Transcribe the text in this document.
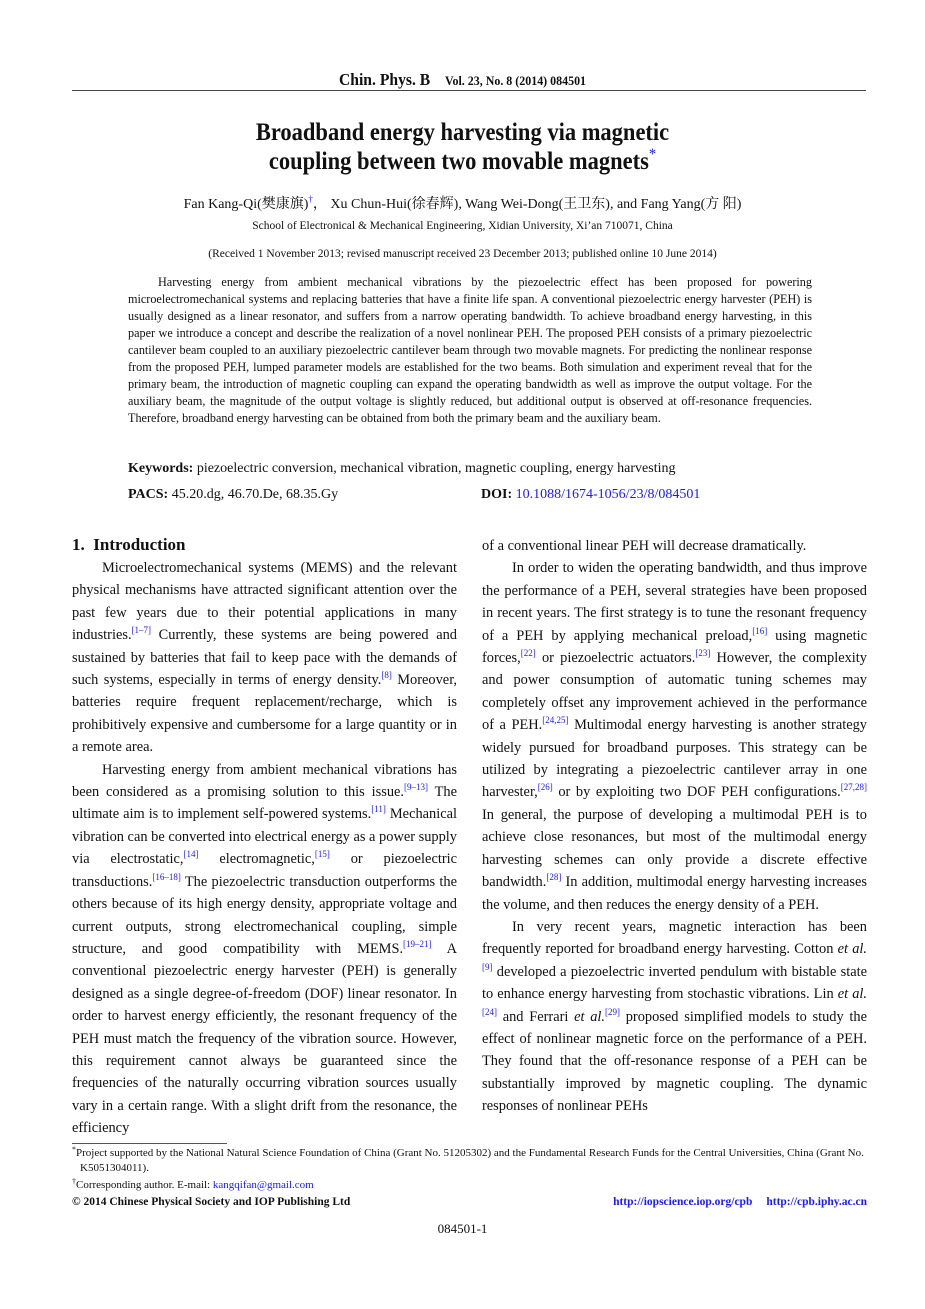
Chin. Phys. B Vol. 23, No. 8 (2014) 084501
Broadband energy harvesting via magnetic
coupling between two movable magnets*
Fan Kang-Qi(樊康旗)†， Xu Chun-Hui(徐春辉), Wang Wei-Dong(王卫东), and Fang Yang(方 阳)
School of Electronical & Mechanical Engineering, Xidian University, Xi’an 710071, China
(Received 1 November 2013; revised manuscript received 23 December 2013; published online 10 June 2014)
Harvesting energy from ambient mechanical vibrations by the piezoelectric effect has been proposed for powering microelectromechanical systems and replacing batteries that have a finite life span. A conventional piezoelectric energy harvester (PEH) is usually designed as a linear resonator, and suffers from a narrow operating bandwidth. To achieve broadband energy harvesting, in this paper we introduce a concept and describe the realization of a novel nonlinear PEH. The proposed PEH consists of a primary piezoelectric cantilever beam coupled to an auxiliary piezoelectric cantilever beam through two movable magnets. For predicting the nonlinear response from the proposed PEH, lumped parameter models are established for the two beams. Both simulation and experiment reveal that for the primary beam, the introduction of magnetic coupling can expand the operating bandwidth as well as improve the output voltage. For the auxiliary beam, the magnitude of the output voltage is slightly reduced, but additional output is observed at off-resonance frequencies. Therefore, broadband energy harvesting can be obtained from both the primary beam and the auxiliary beam.
Keywords: piezoelectric conversion, mechanical vibration, magnetic coupling, energy harvesting
PACS: 45.20.dg, 46.70.De, 68.35.Gy	DOI: 10.1088/1674-1056/23/8/084501
1. Introduction

Microelectromechanical systems (MEMS) and the relevant physical mechanisms have attracted significant attention over the past few years due to their potential applications in many industries.[1–7] Currently, these systems are being powered and sustained by batteries that fail to keep pace with the demands of such systems, especially in terms of energy density.[8] Moreover, batteries require frequent replacement/recharge, which is prohibitively expensive and cumbersome for a large quantity or in a remote area.

Harvesting energy from ambient mechanical vibrations has been considered as a promising solution to this issue.[9–13] The ultimate aim is to implement self-powered systems.[11] Mechanical vibration can be converted into electrical energy as a power supply via electrostatic,[14] electromagnetic,[15] or piezoelectric transductions.[16–18] The piezoelectric transduction outperforms the others because of its high energy density, appropriate voltage and current outputs, strong electromechanical coupling, simple structure, and good compatibility with MEMS.[19–21] A conventional piezoelectric energy harvester (PEH) is generally designed as a single degree-of-freedom (DOF) linear resonator. In order to harvest energy efficiently, the resonant frequency of the PEH must match the frequency of the vibration source. However, this requirement cannot always be guaranteed since the frequencies of the naturally occurring vibration sources usually vary in a certain range. With a slight drift from the resonance, the efficiency

of a conventional linear PEH will decrease dramatically.

In order to widen the operating bandwidth, and thus improve the performance of a PEH, several strategies have been proposed in recent years. The first strategy is to tune the resonant frequency of a PEH by applying mechanical preload,[16] using magnetic forces,[22] or piezoelectric actuators.[23] However, the complexity and power consumption of automatic tuning schemes may completely offset any improvement achieved in the performance of a PEH.[24,25] Multimodal energy harvesting is another strategy widely pursued for broadband purposes. This strategy can be utilized by integrating a piezoelectric cantilever array in one harvester,[26] or by exploiting two DOF PEH configurations.[27,28] In general, the purpose of developing a multimodal PEH is to achieve close resonances, but most of the multimodal energy harvesting schemes can only provide a discrete effective bandwidth.[28] In addition, multimodal energy harvesting increases the volume, and then reduces the energy density of a PEH.

In very recent years, magnetic interaction has been frequently reported for broadband energy harvesting. Cotton et al.[9] developed a piezoelectric inverted pendulum with bistable state to enhance energy harvesting from stochastic vibrations. Lin et al.[24] and Ferrari et al.[29] proposed simplified models to study the effect of nonlinear magnetic force on the performance of a PEH. They found that the off-resonance response of a PEH can be substantially improved by magnetic coupling. The dynamic responses of nonlinear PEHs

*Project supported by the National Natural Science Foundation of China (Grant No. 51205302) and the Fundamental Research Funds for the Central Universities, China (Grant No. K5051304011).

†Corresponding author. E-mail: kangqifan@gmail.com

© 2014 Chinese Physical Society and IOP Publishing Ltd	http://iopscience.iop.org/cpb http://cpb.iphy.ac.cn
084501-1
